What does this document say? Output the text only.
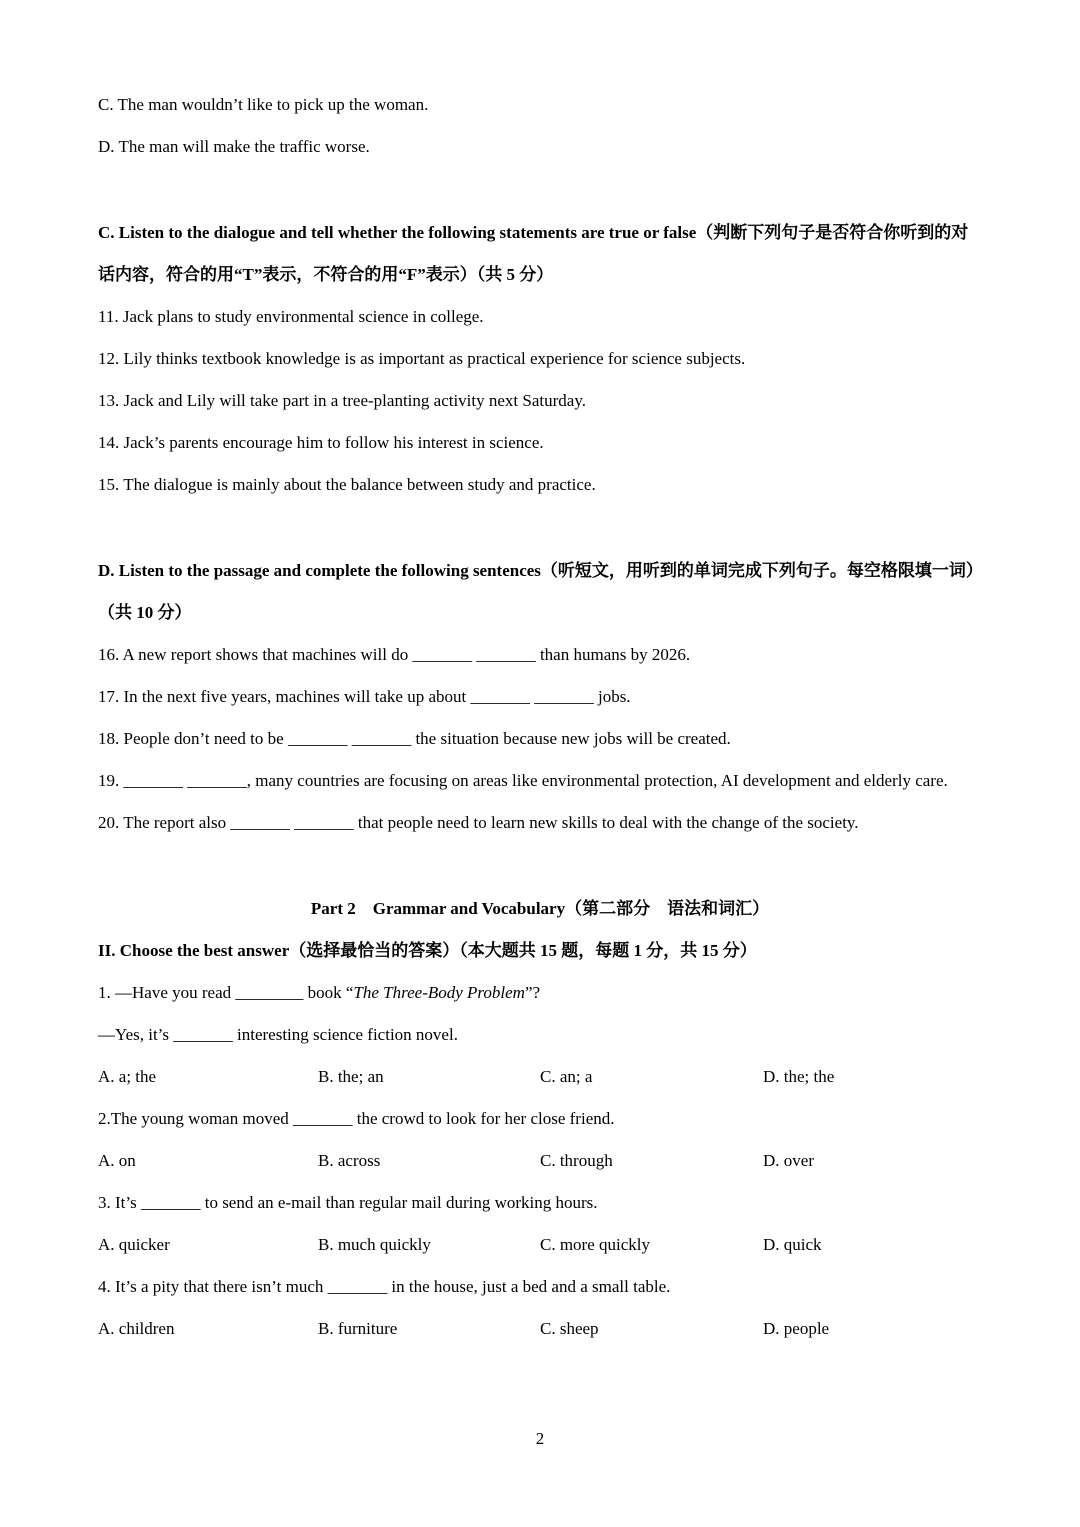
C. The man wouldn’t like to pick up the woman.

D. The man will make the traffic worse.

C. Listen to the dialogue and tell whether the following statements are true or false（判断下列句子是否符合你听到的对话内容，符合的用“T”表示，不符合的用“F”表示）（共 5 分）

11. Jack plans to study environmental science in college.

12. Lily thinks textbook knowledge is as important as practical experience for science subjects.

13. Jack and Lily will take part in a tree-planting activity next Saturday.

14. Jack’s parents encourage him to follow his interest in science.

15. The dialogue is mainly about the balance between study and practice.

D. Listen to the passage and complete the following sentences（听短文，用听到的单词完成下列句子。每空格限填一词）（共 10 分）

16. A new report shows that machines will do _______ _______ than humans by 2026.

17. In the next five years, machines will take up about _______ _______ jobs.

18. People don’t need to be _______ _______ the situation because new jobs will be created.

19. _______ _______, many countries are focusing on areas like environmental protection, AI development and elderly care.

20. The report also _______ _______ that people need to learn new skills to deal with the change of the society.

Part 2　Grammar and Vocabulary（第二部分　语法和词汇）

II. Choose the best answer（选择最恰当的答案）（本大题共 15 题，每题 1 分，共 15 分）

1. —Have you read ________ book “The Three-Body Problem”?

—Yes, it’s _______ interesting science fiction novel.

A. a; the	B. the; an	C. an; a	D. the; the

2.The young woman moved _______ the crowd to look for her close friend.

A. on	B. across	C. through	D. over

3. It’s _______ to send an e-mail than regular mail during working hours.

A. quicker	B. much quickly	C. more quickly	D. quick

4. It’s a pity that there isn’t much _______ in the house, just a bed and a small table.

A. children	B. furniture	C. sheep	D. people
2
